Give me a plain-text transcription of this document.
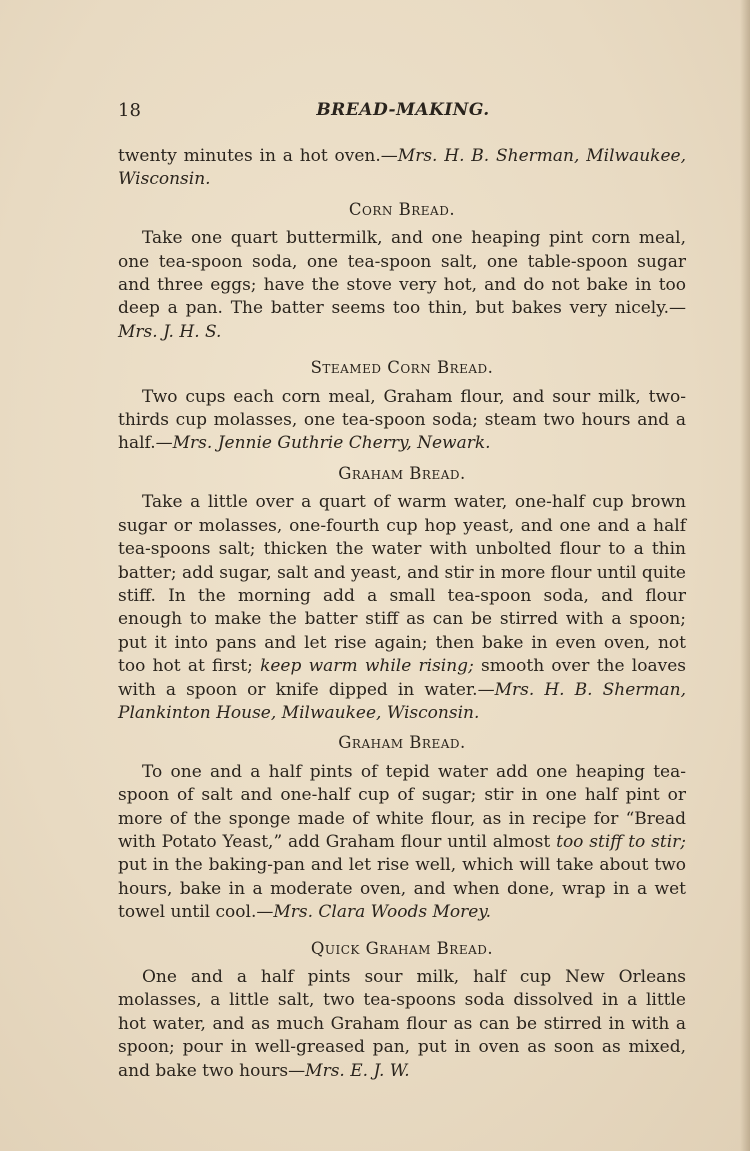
18	BREAD-MAKING.

twenty minutes in a hot oven.—Mrs. H. B. Sherman, Milwaukee, Wisconsin.

Corn Bread.

Take one quart buttermilk, and one heaping pint corn meal, one tea-spoon soda, one tea-spoon salt, one table-spoon sugar and three eggs; have the stove very hot, and do not bake in too deep a pan. The batter seems too thin, but bakes very nicely.—Mrs. J. H. S.

Steamed Corn Bread.

Two cups each corn meal, Graham flour, and sour milk, two-thirds cup molasses, one tea-spoon soda; steam two hours and a half.—Mrs. Jennie Guthrie Cherry, Newark.

Graham Bread.

Take a little over a quart of warm water, one-half cup brown sugar or molasses, one-fourth cup hop yeast, and one and a half tea-spoons salt; thicken the water with unbolted flour to a thin batter; add sugar, salt and yeast, and stir in more flour until quite stiff. In the morning add a small tea-spoon soda, and flour enough to make the batter stiff as can be stirred with a spoon; put it into pans and let rise again; then bake in even oven, not too hot at first; keep warm while rising; smooth over the loaves with a spoon or knife dipped in water.—Mrs. H. B. Sherman, Plankinton House, Milwaukee, Wisconsin.

Graham Bread.

To one and a half pints of tepid water add one heaping tea-spoon of salt and one-half cup of sugar; stir in one half pint or more of the sponge made of white flour, as in recipe for “Bread with Potato Yeast,” add Graham flour until almost too stiff to stir; put in the baking-pan and let rise well, which will take about two hours, bake in a moderate oven, and when done, wrap in a wet towel until cool.—Mrs. Clara Woods Morey.

Quick Graham Bread.

One and a half pints sour milk, half cup New Orleans molasses, a little salt, two tea-spoons soda dissolved in a little hot water, and as much Graham flour as can be stirred in with a spoon; pour in well-greased pan, put in oven as soon as mixed, and bake two hours—Mrs. E. J. W.
